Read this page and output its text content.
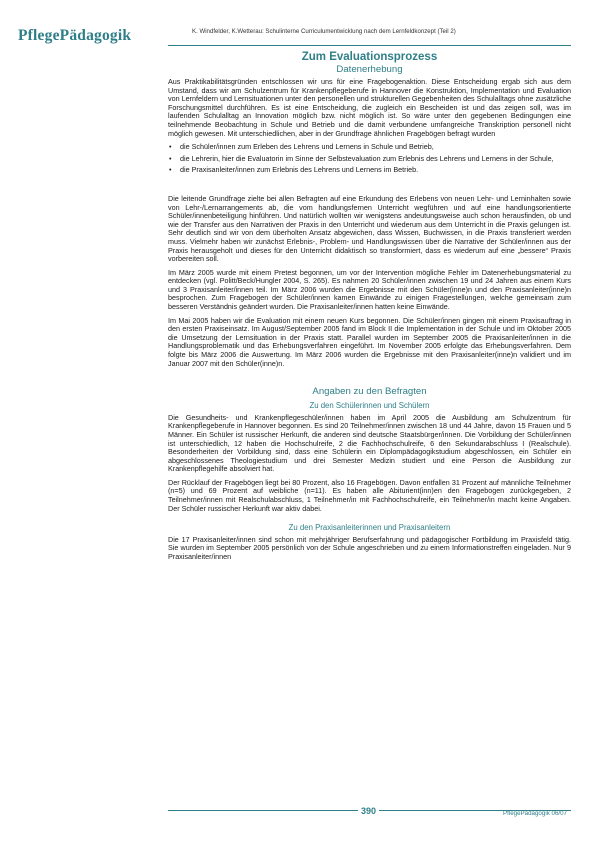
PflegePädagogik	K. Windfelder, K.Wetterau: Schulinterne Curriculumentwicklung nach dem Lernfeldkonzept (Teil 2)
Zum Evaluationsprozess
Datenerhebung

Aus Praktikabilitätsgründen entschlossen wir uns für eine Fragebogenaktion. Diese Entscheidung ergab sich aus dem Umstand, dass wir am Schulzentrum für Krankenpflegeberufe in Hannover die Konstruktion, Implementation und Evaluation von Lernfeldern und Lernsituationen unter den personellen und strukturellen Gegebenheiten des Schulalltags ohne zusätzliche Forschungsmittel durchführen. Es ist eine Entscheidung, die zugleich ein Bescheiden ist und das zeigen soll, was im laufenden Schulalltag an Innovation möglich bzw. nicht möglich ist. So wäre unter den gegebenen Bedingungen eine teilnehmende Beobachtung in Schule und Betrieb und die damit verbundene umfangreiche Transkription personell nicht möglich gewesen. Mit unterschiedlichen, aber in der Grundfrage ähnlichen Fragebögen befragt wurden

• die Schüler/innen zum Erleben des Lehrens und Lernens in Schule und Betrieb,
• die Lehrerin, hier die Evaluatorin im Sinne der Selbstevaluation zum Erlebnis des Lehrens und Lernens in der Schule,
• die Praxisanleiter/innen zum Erlebnis des Lehrens und Lernens im Betrieb.

Die leitende Grundfrage zielte bei allen Befragten auf eine Erkundung des Erlebens von neuen Lehr- und Lerninhalten sowie von Lehr-/Lernarrangements ab, die vom handlungsfernen Unterricht wegführen und auf eine handlungsorientierte Schüler/innenbeteiligung hinführen. Und natürlich wollten wir wenigstens andeutungsweise auch schon herausfinden, ob und wie der Transfer aus den Narrativen der Praxis in den Unterricht und wiederum aus dem Unterricht in die Praxis gelungen ist. Sehr deutlich sind wir von dem überholten Ansatz abgewichen, dass Wissen, Buchwissen, in die Praxis transferiert werden muss. Vielmehr haben wir zunächst Erlebnis-, Problem- und Handlungswissen über die Narrative der Schüler/innen aus der Praxis herausgeholt und dieses für den Unterricht didaktisch so transformiert, dass es wiederum auf eine „bessere“ Praxis vorbereiten soll.

Im März 2005 wurde mit einem Pretest begonnen, um vor der Intervention mögliche Fehler im Datenerhebungsmaterial zu entdecken (vgl. Politt/Beck/Hungler 2004, S. 265). Es nahmen 20 Schüler/innen zwischen 19 und 24 Jahren aus einem Kurs und 3 Praxisanleiter/innen teil. Im März 2006 wurden die Ergebnisse mit den Schüler(inne)n und den Praxisanleiter(inne)n besprochen. Zum Fragebogen der Schüler/innen kamen Einwände zu einigen Fragestellungen, welche gemeinsam zum besseren Verständnis geändert wurden. Die Praxisanleiter/innen hatten keine Einwände.

Im Mai 2005 haben wir die Evaluation mit einem neuen Kurs begonnen. Die Schüler/innen gingen mit einem Praxisauftrag in den ersten Praxiseinsatz. Im August/September 2005 fand im Block II die Implementation in der Schule und im Oktober 2005 die Umsetzung der Lernsituation in der Praxis statt. Parallel wurden im September 2005 die Praxisanleiter/innen in die Handlungsproblematik und das Erhebungsverfahren eingeführt. Im November 2005 erfolgte das Erhebungsverfahren. Dem folgte bis März 2006 die Auswertung. Im März 2006 wurden die Ergebnisse mit den Praxisanleiter(inne)n validiert und im Januar 2007 mit den Schüler(inne)n.

Angaben zu den Befragten
Zu den Schülerinnen und Schülern

Die Gesundheits- und Krankenpflegeschüler/innen haben im April 2005 die Ausbildung am Schulzentrum für Krankenpflegeberufe in Hannover begonnen. Es sind 20 Teilnehmer/innen zwischen 18 und 44 Jahre, davon 15 Frauen und 5 Männer. Ein Schüler ist russischer Herkunft, die anderen sind deutsche Staatsbürger/innen. Die Vorbildung der Schüler/innen ist unterschiedlich, 12 haben die Hochschulreife, 2 die Fachhochschulreife, 6 den Sekundarabschluss I (Realschule). Besonderheiten der Vorbildung sind, dass eine Schülerin ein Diplompädagogikstudium abgeschlossen, ein Schüler ein abgeschlossenes Theologiestudium und drei Semester Medizin studiert und eine Person die Ausbildung zur Krankenpflegehilfe absolviert hat.

Der Rücklauf der Fragebögen liegt bei 80 Prozent, also 16 Fragebögen. Davon entfallen 31 Prozent auf männliche Teilnehmer (n=5) und 69 Prozent auf weibliche (n=11). Es haben alle Abiturient(inn)en den Fragebogen zurückgegeben, 2 Teilnehmer/innen mit Realschulabschluss, 1 Teilnehmer/in mit Fachhochschulreife, ein Teilnehmer/in macht keine Angaben. Der Schüler russischer Herkunft war aktiv dabei.

Zu den Praxisanleiterinnen und Praxisanleitern

Die 17 Praxisanleiter/innen sind schon mit mehrjähriger Berufserfahrung und pädagogischer Fortbildung im Praxisfeld tätig. Sie wurden im September 2005 persönlich von der Schule angeschrieben und zu einem Informationstreffen eingeladen. Nur 9 Praxisanleiter/innen

390	PflegePädagogik 06/07
